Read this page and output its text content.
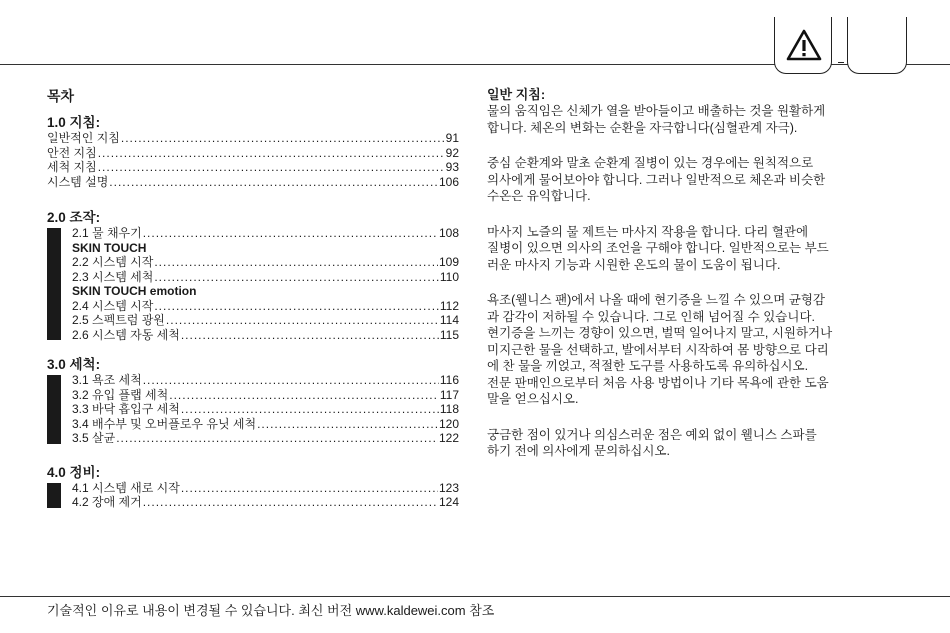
목차

1.0 지침:

일반적인 지침 .....	91
안전 지침 .....	92
세척 지침 .....	93
시스템 설명 .....	106

2.0 조작:

2.1 물 채우기 .....	108
SKIN TOUCH
2.2 시스템 시작 .....	109
2.3 시스템 세척 .....	110
SKIN TOUCH emotion
2.4 시스템 시작 .....	112
2.5 스펙트럼 광원 .....	114
2.6 시스템 자동 세척 .....	115

3.0 세척:

3.1 욕조 세척 .....	116
3.2 유입 플랩 세척 .....	117
3.3 바닥 흡입구 세척 .....	118
3.4 배수부 및 오버플로우 유닛 세척 .....	120
3.5 살균 .....	122

4.0 정비:

4.1 시스템 새로 시작 .....	123
4.2 장애 제거 .....	124

일반 지침:

물의 움직임은 신체가 열을 받아들이고 배출하는 것을 원활하게
합니다. 체온의 변화는 순환을 자극합니다(심혈관계 자극).

중심 순환계와 말초 순환계 질병이 있는 경우에는 원칙적으로
의사에게 물어보아야 합니다. 그러나 일반적으로 체온과 비슷한
수온은 유익합니다.

마사지 노즐의 물 제트는 마사지 작용을 합니다. 다리 혈관에
질병이 있으면 의사의 조언을 구해야 합니다. 일반적으로는 부드
러운 마사지 기능과 시원한 온도의 물이 도움이 됩니다.

욕조(웰니스 팬)에서 나올 때에 현기증을 느낄 수 있으며 균형감
과 감각이 저하될 수 있습니다. 그로 인해 넘어질 수 있습니다.
현기증을 느끼는 경향이 있으면, 벌떡 일어나지 말고, 시원하거나
미지근한 물을 선택하고, 발에서부터 시작하여 몸 방향으로 다리
에 찬 물을 끼얹고, 적절한 도구를 사용하도록 유의하십시오.
전문 판매인으로부터 처음 사용 방법이나 기타 목욕에 관한 도움
말을 얻으십시오.

궁금한 점이 있거나 의심스러운 점은 예외 없이 웰니스 스파를
하기 전에 의사에게 문의하십시오.

기술적인 이유로 내용이 변경될 수 있습니다. 최신 버전 www.kaldewei.com 참조
